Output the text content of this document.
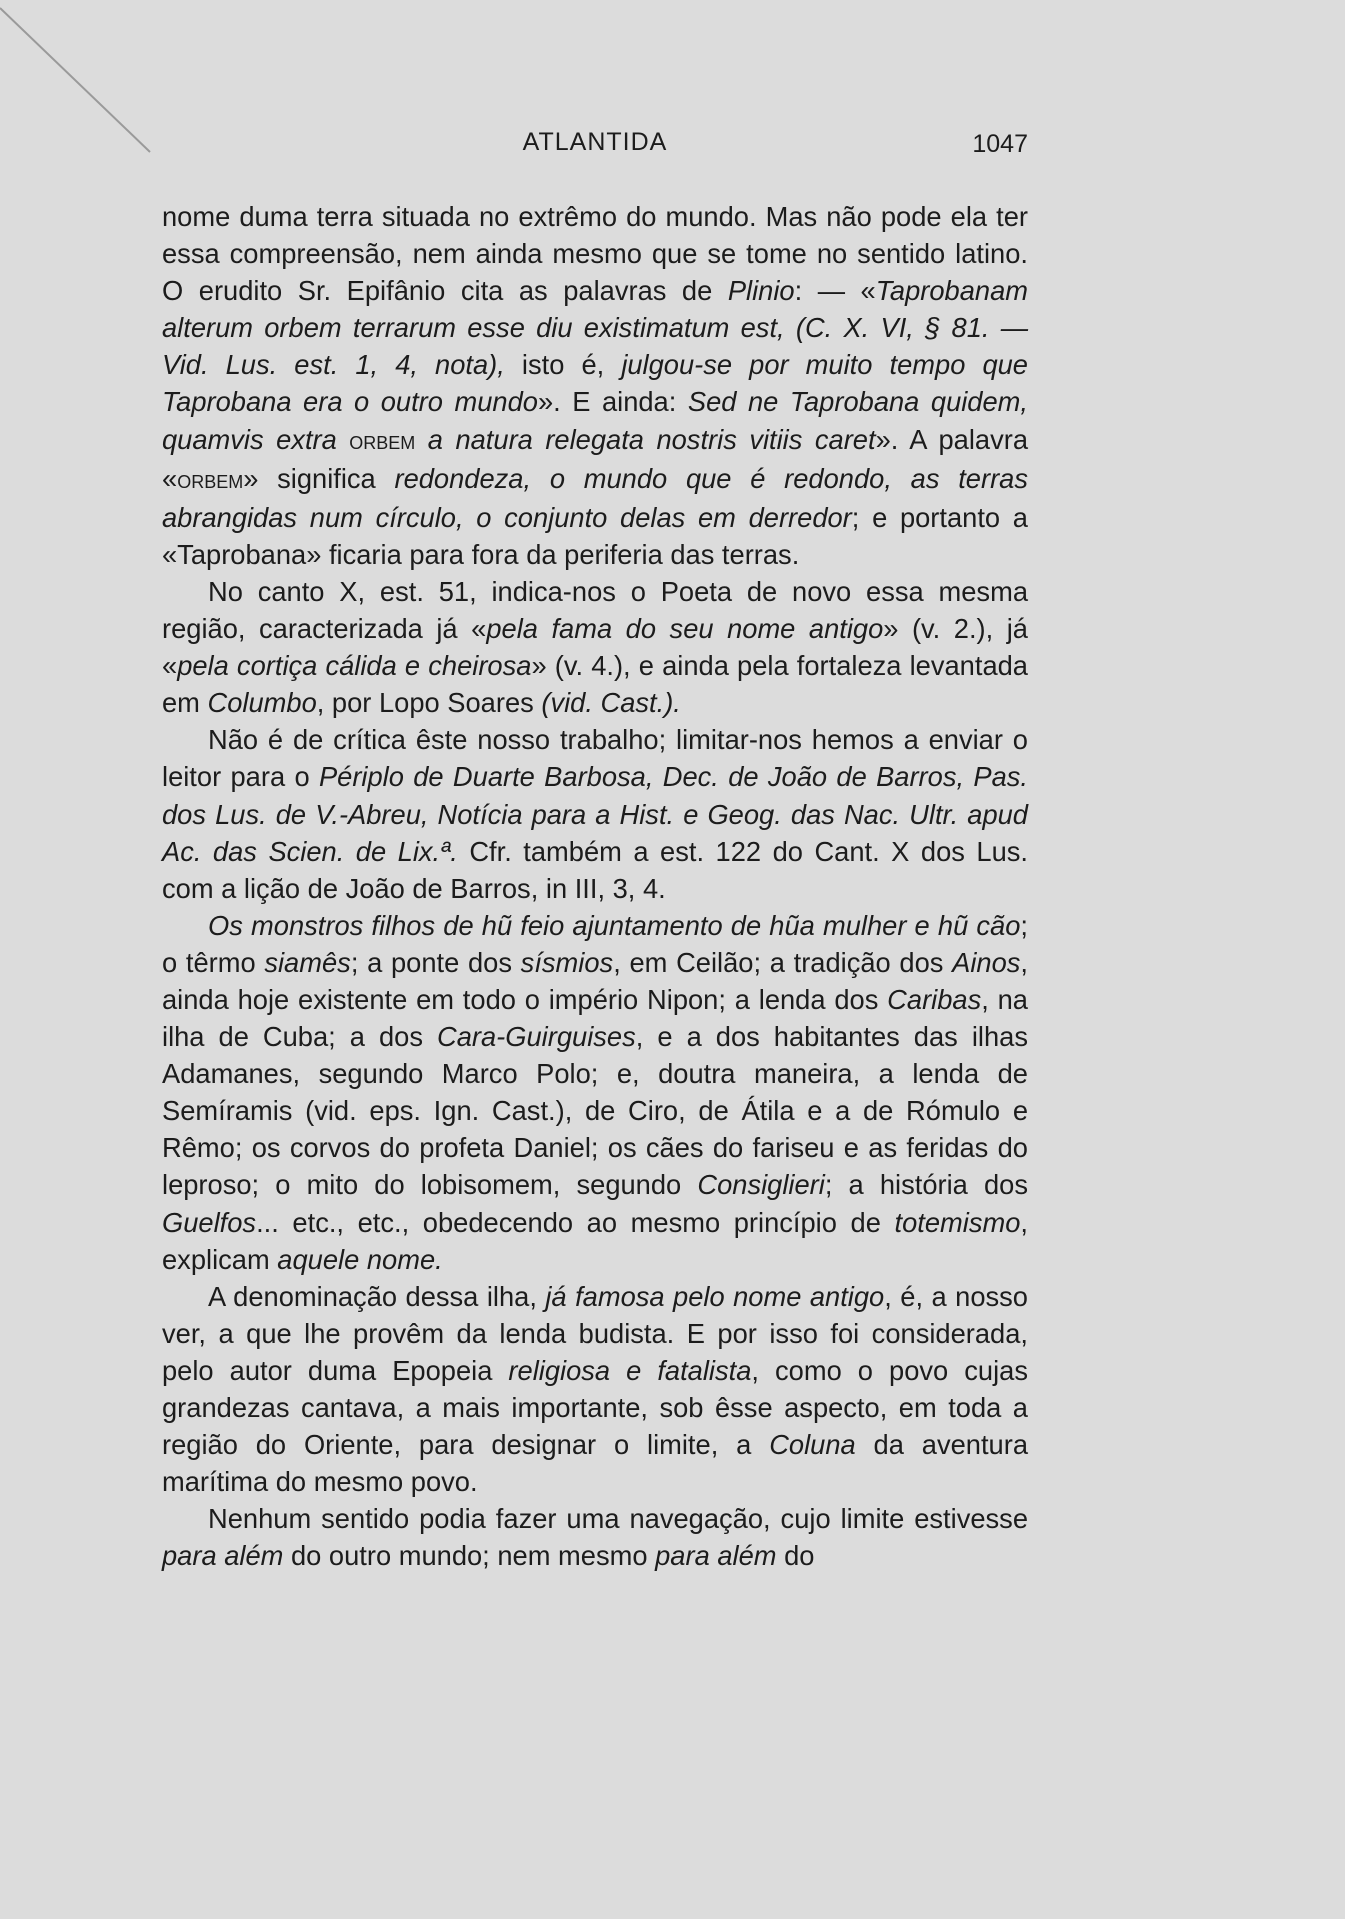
ATLANTIDA	1047

nome duma terra situada no extrêmo do mundo. Mas não pode ela ter essa compreensão, nem ainda mesmo que se tome no sentido latino. O erudito Sr. Epifânio cita as palavras de Plinio: — «Taprobanam alterum orbem terrarum esse diu existimatum est, (C. X. VI, § 81. — Vid. Lus. est. 1, 4, nota), isto é, julgou-se por muito tempo que Taprobana era o outro mundo». E ainda: Sed ne Taprobana quidem, quamvis extra orbem a natura relegata nostris vitiis caret». A palavra «orbem» significa redondeza, o mundo que é redondo, as terras abrangidas num círculo, o conjunto delas em derredor; e portanto a «Taprobana» ficaria para fora da periferia das terras.

No canto X, est. 51, indica-nos o Poeta de novo essa mesma região, caracterizada já «pela fama do seu nome antigo» (v. 2.), já «pela cortiça cálida e cheirosa» (v. 4.), e ainda pela fortaleza levantada em Columbo, por Lopo Soares (vid. Cast.).

Não é de crítica êste nosso trabalho; limitar-nos hemos a enviar o leitor para o Périplo de Duarte Barbosa, Dec. de João de Barros, Pas. dos Lus. de V.-Abreu, Notícia para a Hist. e Geog. das Nac. Ultr. apud Ac. das Scien. de Lix.ª. Cfr. também a est. 122 do Cant. X dos Lus. com a lição de João de Barros, in III, 3, 4.

Os monstros filhos de hũ feio ajuntamento de hũa mulher e hũ cão; o têrmo siamês; a ponte dos sísmios, em Ceilão; a tradição dos Ainos, ainda hoje existente em todo o império Nipon; a lenda dos Caribas, na ilha de Cuba; a dos Cara-Guirguises, e a dos habitantes das ilhas Adamanes, segundo Marco Polo; e, doutra maneira, a lenda de Semíramis (vid. eps. Ign. Cast.), de Ciro, de Átila e a de Rómulo e Rêmo; os corvos do profeta Daniel; os cães do fariseu e as feridas do leproso; o mito do lobisomem, segundo Consiglieri; a história dos Guelfos... etc., etc., obedecendo ao mesmo princípio de totemismo, explicam aquele nome.

A denominação dessa ilha, já famosa pelo nome antigo, é, a nosso ver, a que lhe provêm da lenda budista. E por isso foi considerada, pelo autor duma Epopeia religiosa e fatalista, como o povo cujas grandezas cantava, a mais importante, sob êsse aspecto, em toda a região do Oriente, para designar o limite, a Coluna da aventura marítima do mesmo povo.

Nenhum sentido podia fazer uma navegação, cujo limite estivesse para além do outro mundo; nem mesmo para além do
